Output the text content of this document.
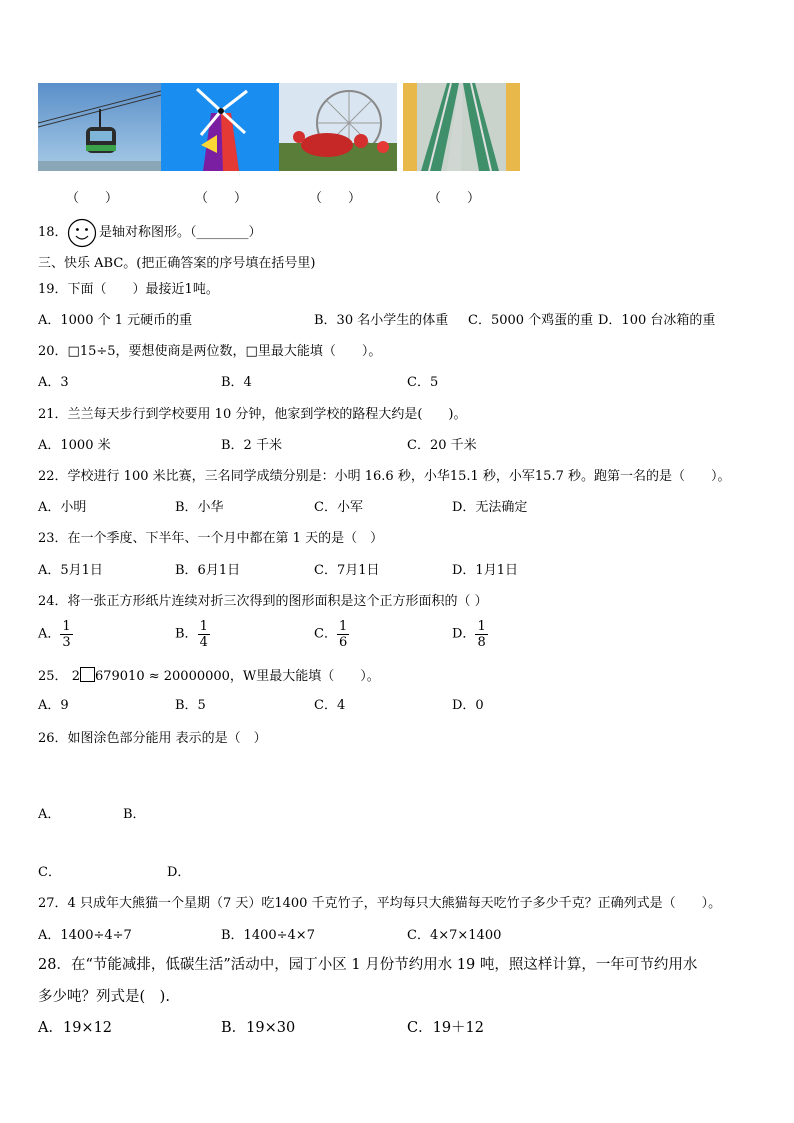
（　　）	（　　）	（　　）	（　　）
18． 是轴对称图形。（________）
三、快乐 ABC。(把正确答案的序号填在括号里)
19．下面（　　）最接近1吨。
A．1000 个 1 元硬币的重	B．30 名小学生的体重 C．5000 个鸡蛋的重 D．100 台冰箱的重
20．□15÷5，要想使商是两位数，□里最大能填（　　）。
A．3	B．4	C．5
21．兰兰每天步行到学校要用 10 分钟，他家到学校的路程大约是(　　)。
A．1000 米	B．2 千米	C．20 千米
22．学校进行 100 米比赛，三名同学成绩分别是：小明 16.6 秒，小华15.1 秒，小军15.7 秒。跑第一名的是（　　）。
A．小明	B．小华	C．小军	D．无法确定
23．在一个季度、下半年、一个月中都在第 1 天的是（　）
A．5月1日	B．6月1日	C．7月1日	D．1月1日
24．将一张正方形纸片连续对折三次得到的图形面积是这个正方形面积的（ ）
A． $\frac{1}{3}$	B． $\frac{1}{4}$	C． $\frac{1}{6}$	D． $\frac{1}{8}$
25． 2 679010 ≈ 20000000，W里最大能填（　　）。
A．9	B．5	C．4	D．0
26．如图涂色部分能用 表示的是（　）
A．	B．
C．	D．
27．4 只成年大熊猫一个星期（7 天）吃1400 千克竹子，平均每只大熊猫每天吃竹子多少千克？正确列式是（　　）。
A．1400÷4÷7	B．1400÷4×7	C．4×7×1400
28．在“节能减排，低碳生活”活动中，园丁小区 1 月份节约用水 19 吨，照这样计算，一年可节约用水
多少吨？列式是(　).
A．19×12	B．19×30	C．19＋12
